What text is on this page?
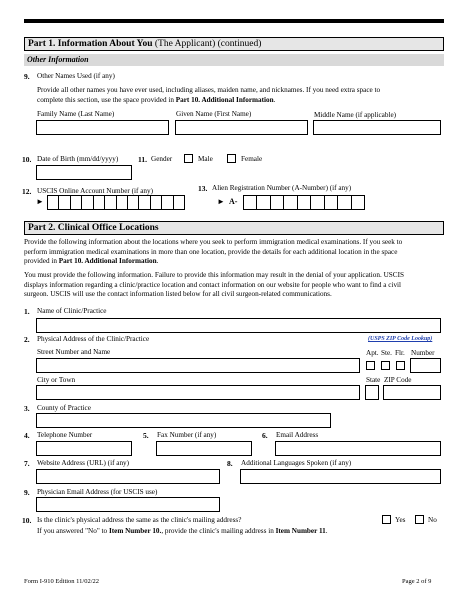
Part 1. Information About You (The Applicant) (continued)
Other Information
9. Other Names Used (if any)
Provide all other names you have ever used, including aliases, maiden name, and nicknames. If you need extra space to
complete this section, use the space provided in Part 10. Additional Information.
Family Name (Last Name)	Given Name (First Name)	Middle Name (if applicable)
10. Date of Birth (mm/dd/yyyy)	11. Gender	Male	Female
12. USCIS Online Account Number (if any)
►
13. Alien Registration Number (A-Number) (if any)
► A-
Part 2. Clinical Office Locations
Provide the following information about the locations where you seek to perform immigration medical examinations. If you seek to
perform immigration medical examinations in more than one location, provide the details for each additional location in the space
provided in Part 10. Additional Information.
You must provide the following information. Failure to provide this information may result in the denial of your application. USCIS
displays information regarding a clinic/practice location and contact information on our website for people who want to find a civil
surgeon. USCIS will use the contact information listed below for all civil surgeon-related communications.
1. Name of Clinic/Practice
2. Physical Address of the Clinic/Practice	(USPS ZIP Code Lookup)
Street Number and Name	Apt. Ste. Flr. Number
City or Town	State ZIP Code
3. County of Practice
4. Telephone Number	5. Fax Number (if any)	6. Email Address
7. Website Address (URL) (if any)	8. Additional Languages Spoken (if any)
9. Physician Email Address (for USCIS use)
10. Is the clinic's physical address the same as the clinic's mailing address?	Yes	No
If you answered "No" to Item Number 10., provide the clinic's mailing address in Item Number 11.
Form I-910 Edition 11/02/22	Page 2 of 9
